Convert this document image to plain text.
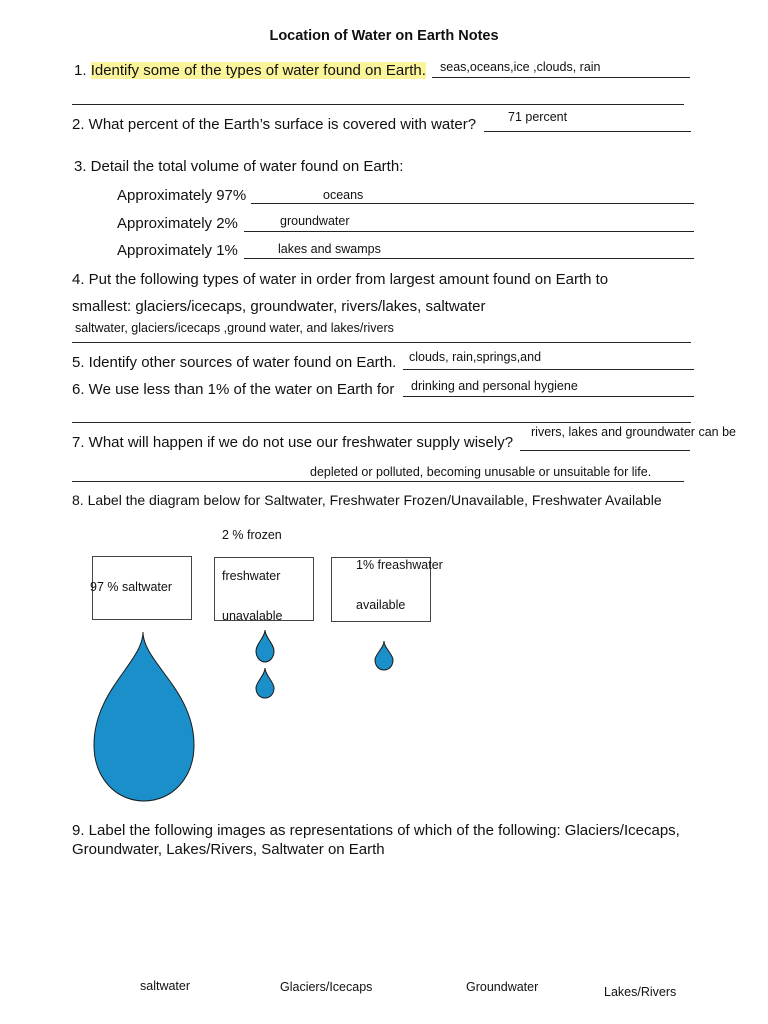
Location of Water on Earth Notes
1. Identify some of the types of water found on Earth. seas,oceans,ice ,clouds, rain
2. What percent of the Earth’s surface is covered with water?	71 percent
3. Detail the total volume of water found on Earth:
Approximately 97%	oceans
Approximately 2%	groundwater
Approximately 1%	lakes and swamps
4. Put the following types of water in order from largest amount found on Earth to
smallest: glaciers/icecaps, groundwater, rivers/lakes, saltwater
saltwater, glaciers/icecaps ,ground water, and lakes/rivers
5. Identify other sources of water found on Earth. clouds, rain,springs,and
6. We use less than 1% of the water on Earth for drinking and personal hygiene
7. What will happen if we do not use our freshwater supply wisely?
rivers, lakes and groundwater can be
depleted or polluted, becoming unusable or unsuitable for life.
8. Label the diagram below for Saltwater, Freshwater Frozen/Unavailable, Freshwater Available
2 % frozen
97 % saltwater
freshwater
unavalable
1% freashwater
available
9. Label the following images as representations of which of the following: Glaciers/Icecaps,
Groundwater, Lakes/Rivers, Saltwater on Earth
saltwater	Glaciers/Icecaps	Groundwater	Lakes/Rivers
